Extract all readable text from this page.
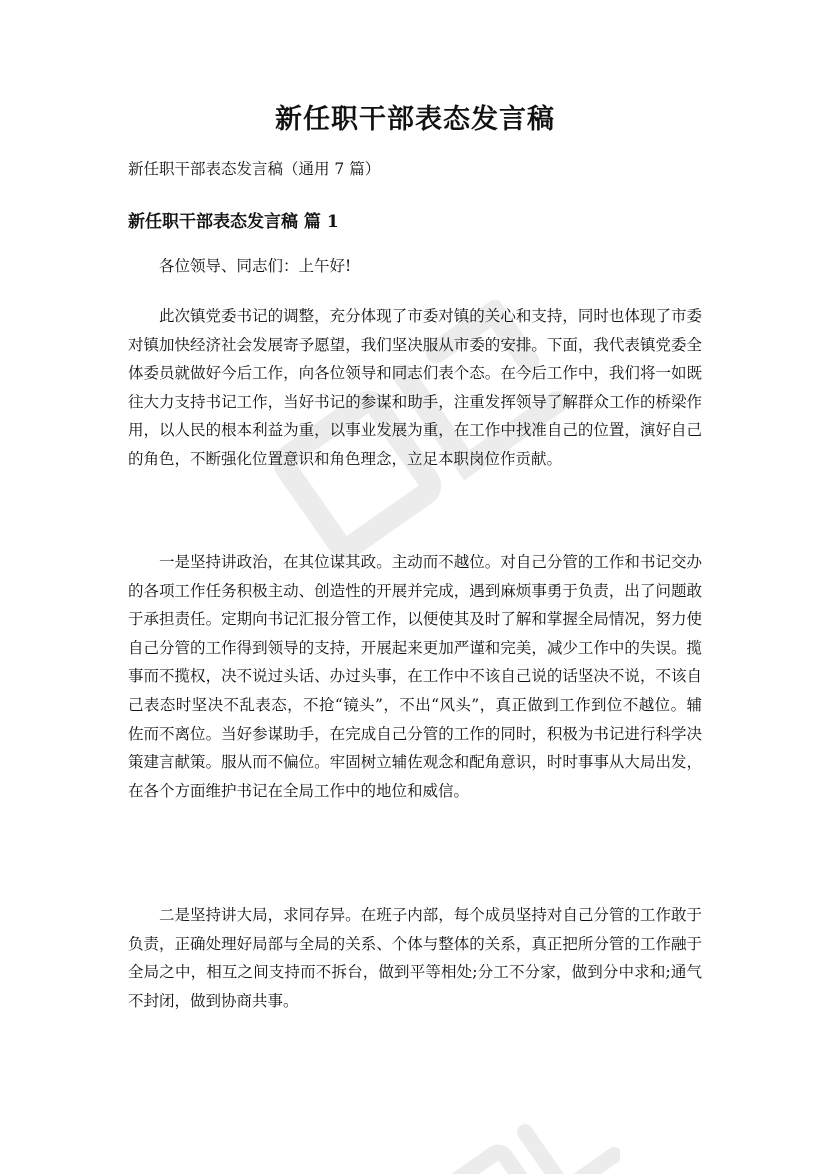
新任职干部表态发言稿

新任职干部表态发言稿（通用 7 篇）

新任职干部表态发言稿 篇 1

各位领导、同志们：上午好!

此次镇党委书记的调整，充分体现了市委对镇的关心和支持，同时也体现了市委对镇加快经济社会发展寄予愿望，我们坚决服从市委的安排。下面，我代表镇党委全体委员就做好今后工作，向各位领导和同志们表个态。在今后工作中，我们将一如既往大力支持书记工作，当好书记的参谋和助手，注重发挥领导了解群众工作的桥梁作用，以人民的根本利益为重，以事业发展为重，在工作中找准自己的位置，演好自己的角色，不断强化位置意识和角色理念，立足本职岗位作贡献。

一是坚持讲政治，在其位谋其政。主动而不越位。对自己分管的工作和书记交办的各项工作任务积极主动、创造性的开展并完成，遇到麻烦事勇于负责，出了问题敢于承担责任。定期向书记汇报分管工作，以便使其及时了解和掌握全局情况，努力使自己分管的工作得到领导的支持，开展起来更加严谨和完美，减少工作中的失误。揽事而不揽权，决不说过头话、办过头事，在工作中不该自己说的话坚决不说，不该自己表态时坚决不乱表态，不抢“镜头”，不出“风头”，真正做到工作到位不越位。辅佐而不离位。当好参谋助手，在完成自己分管的工作的同时，积极为书记进行科学决策建言献策。服从而不偏位。牢固树立辅佐观念和配角意识，时时事事从大局出发，在各个方面维护书记在全局工作中的地位和威信。

二是坚持讲大局，求同存异。在班子内部，每个成员坚持对自己分管的工作敢于负责，正确处理好局部与全局的关系、个体与整体的关系，真正把所分管的工作融于全局之中，相互之间支持而不拆台，做到平等相处;分工不分家，做到分中求和;通气不封闭，做到协商共事。
